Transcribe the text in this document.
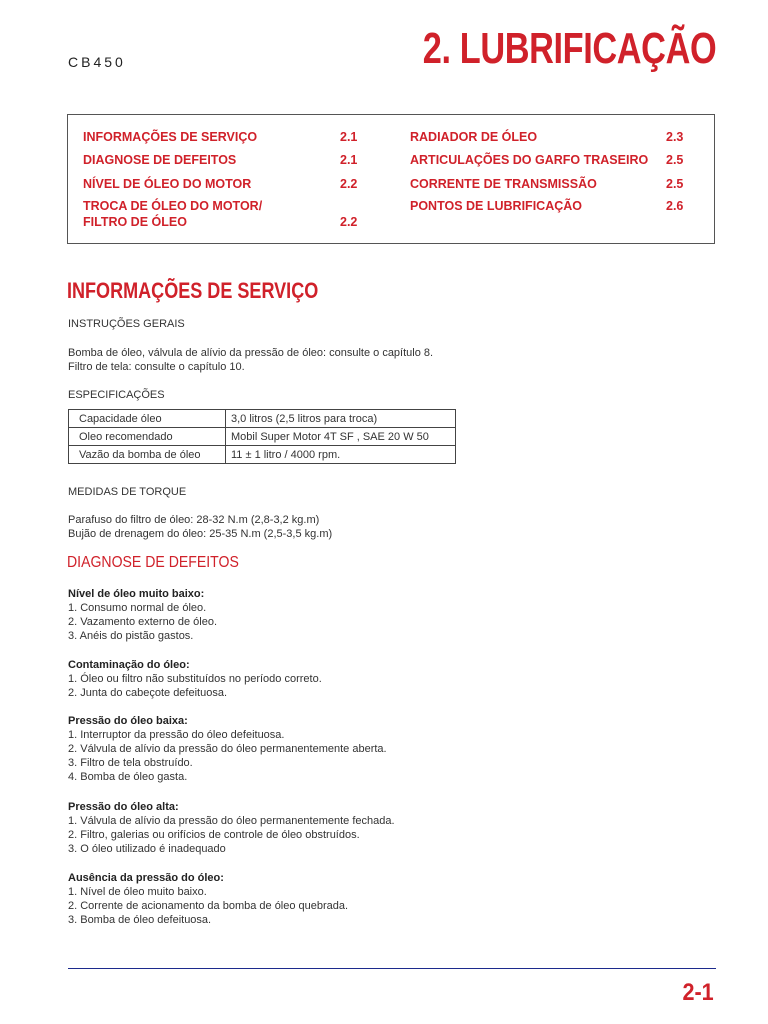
CB450	2. LUBRIFICAÇÃO
INFORMAÇÕES DE SERVIÇO	2.1
DIAGNOSE DE DEFEITOS	2.1
NÍVEL DE ÓLEO DO MOTOR	2.2
TROCA DE ÓLEO DO MOTOR/
FILTRO DE ÓLEO	2.2
RADIADOR DE ÓLEO	2.3
ARTICULAÇÕES DO GARFO TRASEIRO 2.5
CORRENTE DE TRANSMISSÃO	2.5
PONTOS DE LUBRIFICAÇÃO	2.6
INFORMAÇÕES DE SERVIÇO
INSTRUÇÕES GERAIS
Bomba de óleo, válvula de alívio da pressão de óleo: consulte o capítulo 8.
Filtro de tela: consulte o capítulo 10.
ESPECIFICAÇÕES
Capacidade óleo	3,0 litros (2,5 litros para troca)
Oleo recomendado	Mobil Super Motor 4T SF , SAE 20 W 50
Vazão da bomba de óleo	11 ± 1 litro / 4000 rpm.
MEDIDAS DE TORQUE
Parafuso do filtro de óleo: 28-32 N.m (2,8-3,2 kg.m)
Bujão de drenagem do óleo: 25-35 N.m (2,5-3,5 kg.m)
DIAGNOSE DE DEFEITOS
Nível de óleo muito baixo:
1. Consumo normal de óleo.
2. Vazamento externo de óleo.
3. Anéis do pistão gastos.
Contaminação do óleo:
1. Óleo ou filtro não substituídos no período correto.
2. Junta do cabeçote defeituosa.
Pressão do óleo baixa:
1. Interruptor da pressão do óleo defeituosa.
2. Válvula de alívio da pressão do óleo permanentemente aberta.
3. Filtro de tela obstruído.
4. Bomba de óleo gasta.
Pressão do óleo alta:
1. Válvula de alívio da pressão do óleo permanentemente fechada.
2. Filtro, galerias ou orifícios de controle de óleo obstruídos.
3. O óleo utilizado é inadequado
Ausência da pressão do óleo:
1. Nível de óleo muito baixo.
2. Corrente de acionamento da bomba de óleo quebrada.
3. Bomba de óleo defeituosa.
2-1
